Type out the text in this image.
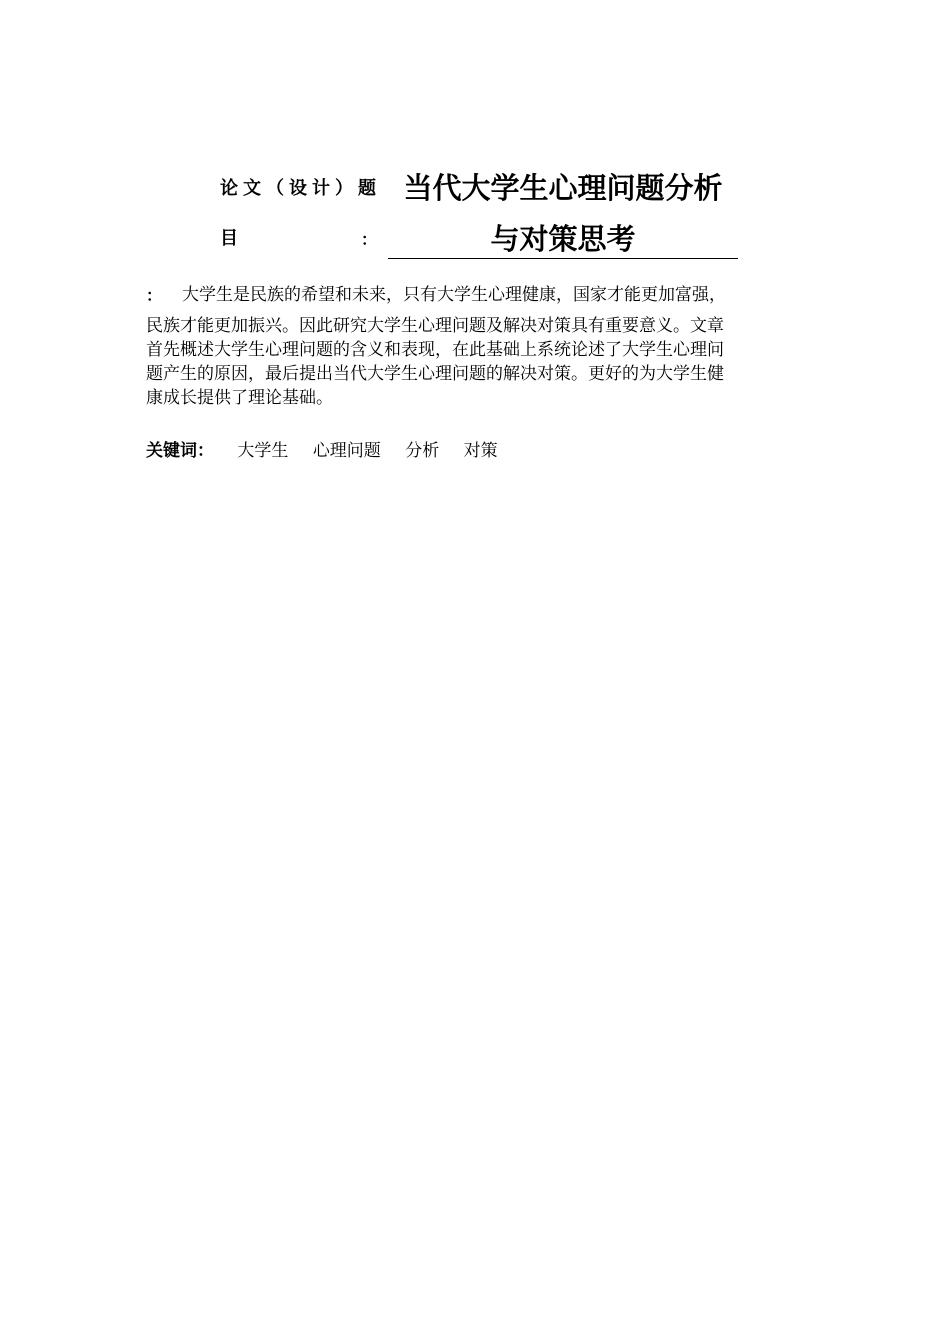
论文（设计）题
目	：
当代大学生心理问题分析
与对策思考
： 大学生是民族的希望和未来，只有大学生心理健康，国家才能更加富强，
民族才能更加振兴。因此研究大学生心理问题及解决对策具有重要意义。文章
首先概述大学生心理问题的含义和表现，在此基础上系统论述了大学生心理问
题产生的原因，最后提出当代大学生心理问题的解决对策。更好的为大学生健
康成长提供了理论基础。
关键词： 大学生 心理问题 分析 对策
